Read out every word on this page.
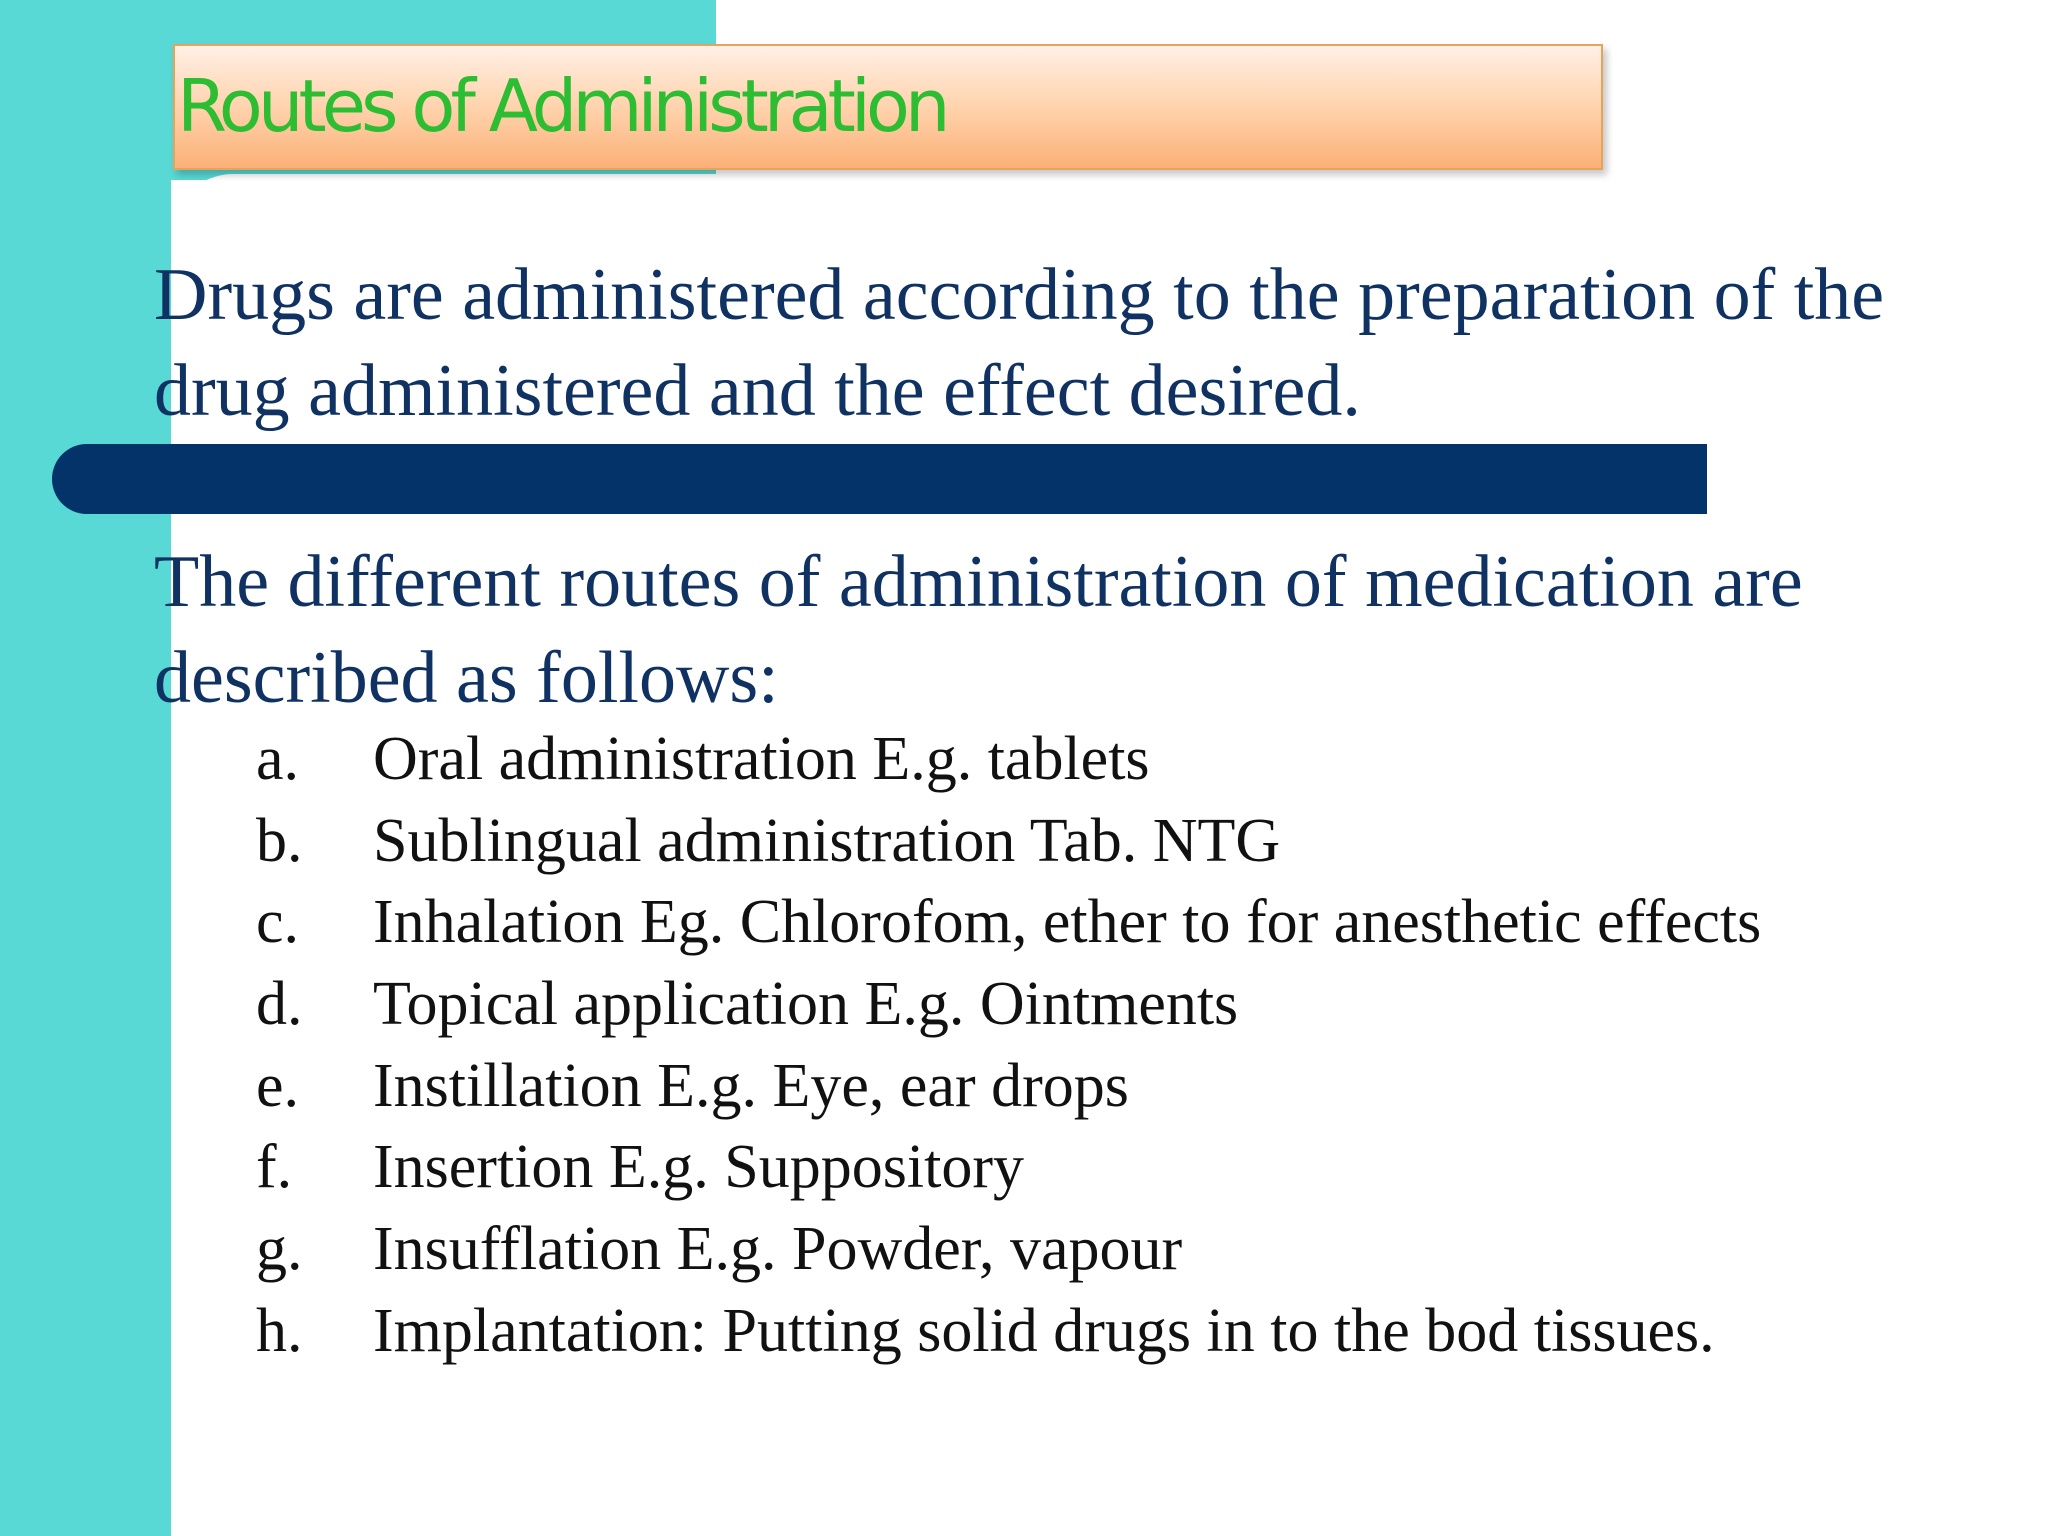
Routes of Administration

Drugs are administered according to the preparation of the drug administered and the effect desired.

The different routes of administration of medication are described as follows:

a. Oral administration E.g. tablets
b. Sublingual administration Tab. NTG
c. Inhalation Eg. Chlorofom, ether to for anesthetic effects
d. Topical application E.g. Ointments
e. Instillation E.g. Eye, ear drops
f. Insertion E.g. Suppository
g. Insufflation E.g. Powder, vapour
h. Implantation: Putting solid drugs in to the bod tissues.
